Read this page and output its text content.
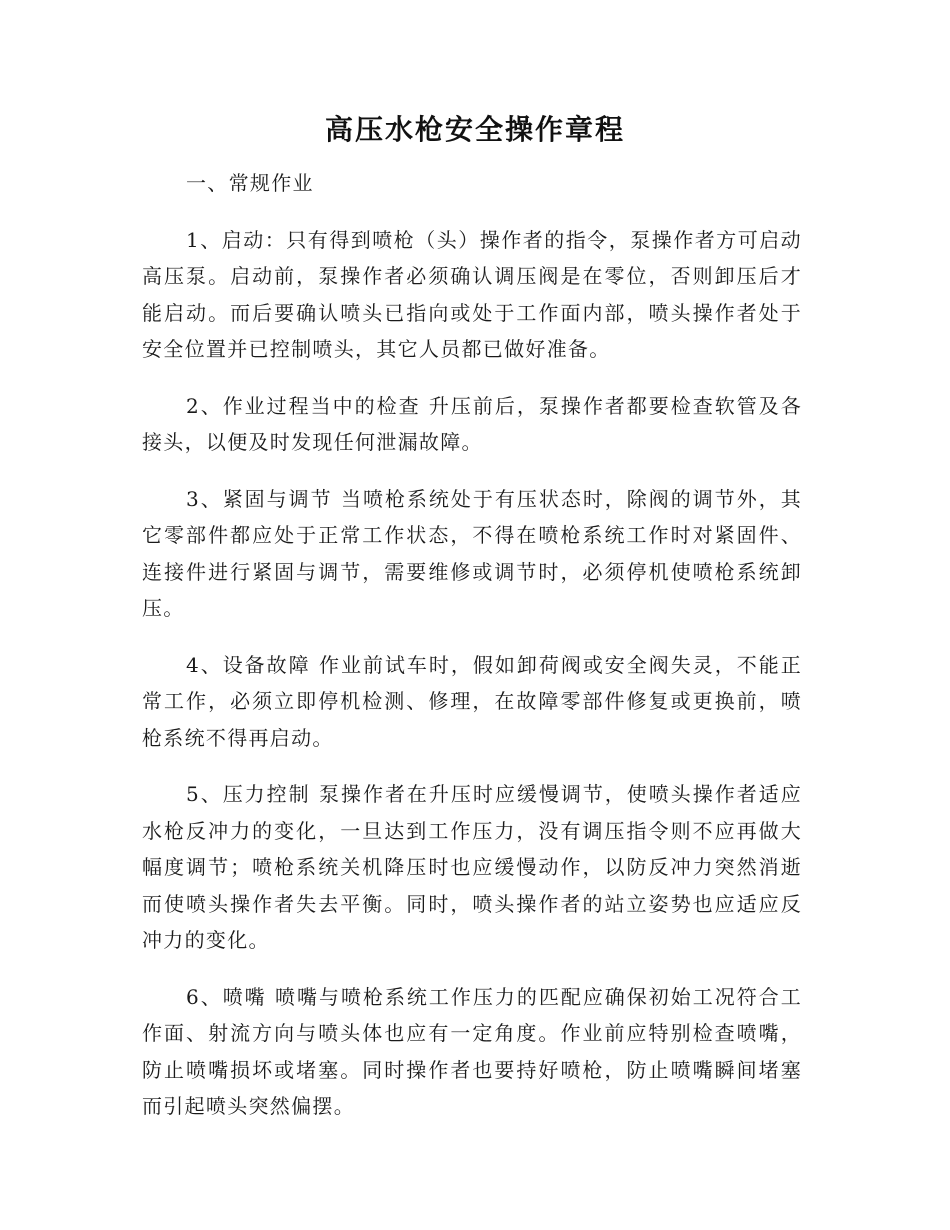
高压水枪安全操作章程

一、常规作业

1、启动：只有得到喷枪（头）操作者的指令，泵操作者方可启动高压泵。启动前，泵操作者必须确认调压阀是在零位，否则卸压后才能启动。而后要确认喷头已指向或处于工作面内部，喷头操作者处于安全位置并已控制喷头，其它人员都已做好准备。

2、作业过程当中的检查 升压前后，泵操作者都要检查软管及各接头，以便及时发现任何泄漏故障。

3、紧固与调节 当喷枪系统处于有压状态时，除阀的调节外，其它零部件都应处于正常工作状态，不得在喷枪系统工作时对紧固件、连接件进行紧固与调节，需要维修或调节时，必须停机使喷枪系统卸压。

4、设备故障 作业前试车时，假如卸荷阀或安全阀失灵，不能正常工作，必须立即停机检测、修理，在故障零部件修复或更换前，喷枪系统不得再启动。

5、压力控制 泵操作者在升压时应缓慢调节，使喷头操作者适应水枪反冲力的变化，一旦达到工作压力，没有调压指令则不应再做大幅度调节；喷枪系统关机降压时也应缓慢动作，以防反冲力突然消逝而使喷头操作者失去平衡。同时，喷头操作者的站立姿势也应适应反冲力的变化。

6、喷嘴 喷嘴与喷枪系统工作压力的匹配应确保初始工况符合工作面、射流方向与喷头体也应有一定角度。作业前应特别检查喷嘴，防止喷嘴损坏或堵塞。同时操作者也要持好喷枪，防止喷嘴瞬间堵塞而引起喷头突然偏摆。
